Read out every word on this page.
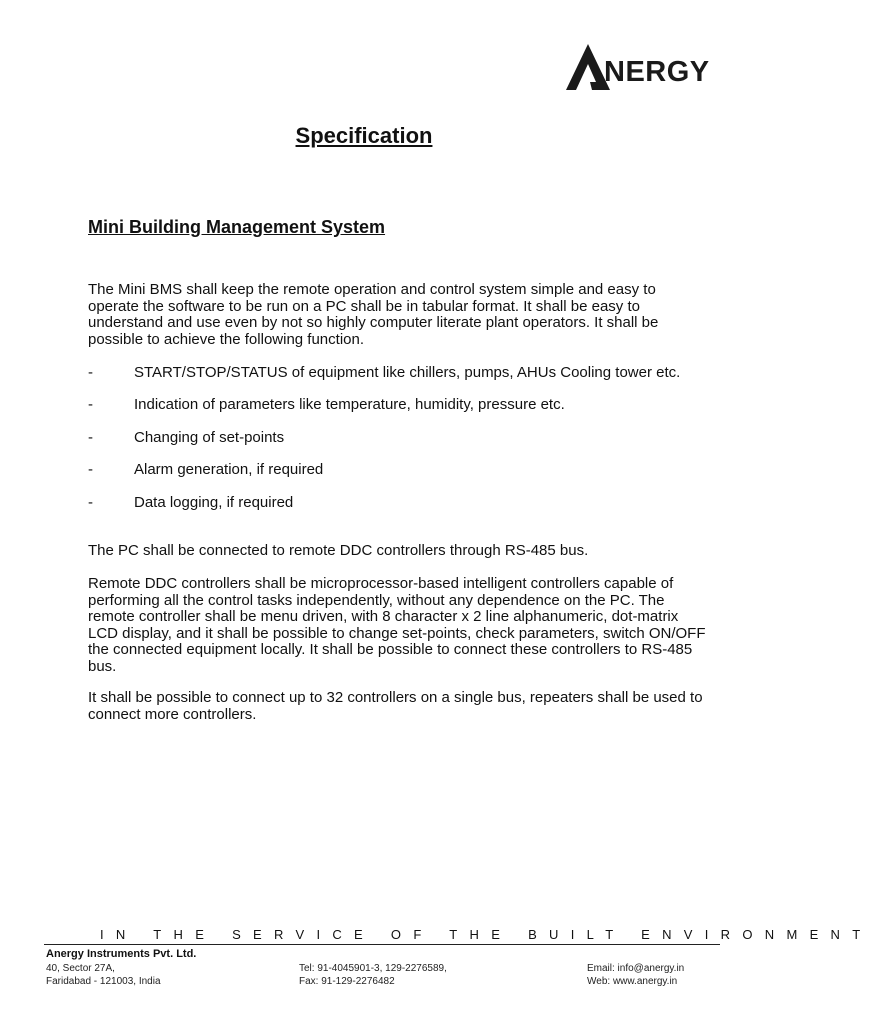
NERGY
Specification
Mini Building Management System
The Mini BMS shall keep the remote operation and control system simple and easy to
operate the software to be run on a PC shall be in tabular format. It shall be easy to
understand and use even by not so highly computer literate plant operators. It shall be
possible to achieve the following function.
-	START/STOP/STATUS of equipment like chillers, pumps, AHUs Cooling tower etc.
-	Indication of parameters like temperature, humidity, pressure etc.
-	Changing of set-points
-	Alarm generation, if required
-	Data logging, if required
The PC shall be connected to remote DDC controllers through RS-485 bus.
Remote DDC controllers shall be microprocessor-based intelligent controllers capable of
performing all the control tasks independently, without any dependence on the PC. The
remote controller shall be menu driven, with 8 character x 2 line alphanumeric, dot-matrix
LCD display, and it shall be possible to change set-points, check parameters, switch ON/OFF
the connected equipment locally. It shall be possible to connect these controllers to RS-485
bus.
It shall be possible to connect up to 32 controllers on a single bus, repeaters shall be used to
connect more controllers.
IN THE SERVICE OF THE BUILT ENVIRONMENT
Anergy Instruments Pvt. Ltd.
40, Sector 27A,
Faridabad - 121003, India
Tel: 91-4045901-3, 129-2276589,
Fax: 91-129-2276482
Email: info@anergy.in
Web: www.anergy.in
